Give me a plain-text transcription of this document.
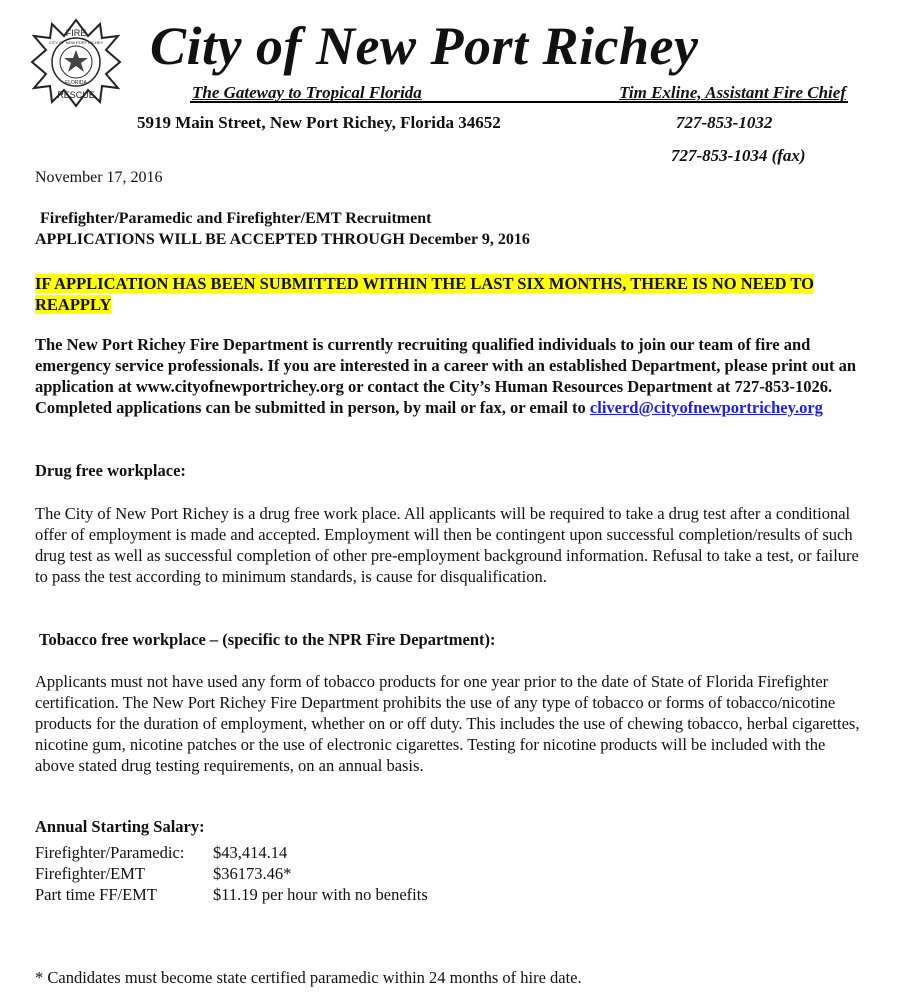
FIRE
RESCUE
CITY OF NEW PORT RICHEY
FLORIDA
City of New Port Richey
The Gateway to Tropical Florida	Tim Exline, Assistant Fire Chief
5919 Main Street, New Port Richey, Florida 34652	727-853-1032
727-853-1034 (fax)
November 17, 2016
Firefighter/Paramedic and Firefighter/EMT Recruitment
APPLICATIONS WILL BE ACCEPTED THROUGH December 9, 2016
IF APPLICATION HAS BEEN SUBMITTED WITHIN THE LAST SIX MONTHS, THERE IS NO NEED TO REAPPLY
The New Port Richey Fire Department is currently recruiting qualified individuals to join our team of fire and emergency service professionals. If you are interested in a career with an established Department, please print out an application at www.cityofnewportrichey.org or contact the City’s Human Resources Department at 727-853-1026. Completed applications can be submitted in person, by mail or fax, or email to cliverd@cityofnewportrichey.org
Drug free workplace:
The City of New Port Richey is a drug free work place. All applicants will be required to take a drug test after a conditional offer of employment is made and accepted. Employment will then be contingent upon successful completion/results of such drug test as well as successful completion of other pre-employment background information. Refusal to take a test, or failure to pass the test according to minimum standards, is cause for disqualification.
Tobacco free workplace – (specific to the NPR Fire Department):
Applicants must not have used any form of tobacco products for one year prior to the date of State of Florida Firefighter certification. The New Port Richey Fire Department prohibits the use of any type of tobacco or forms of tobacco/nicotine products for the duration of employment, whether on or off duty. This includes the use of chewing tobacco, herbal cigarettes, nicotine gum, nicotine patches or the use of electronic cigarettes. Testing for nicotine products will be included with the above stated drug testing requirements, on an annual basis.
Annual Starting Salary:
Firefighter/Paramedic: $43,414.14
Firefighter/EMT	$36173.46*
Part time FF/EMT	$11.19 per hour with no benefits
* Candidates must become state certified paramedic within 24 months of hire date.
